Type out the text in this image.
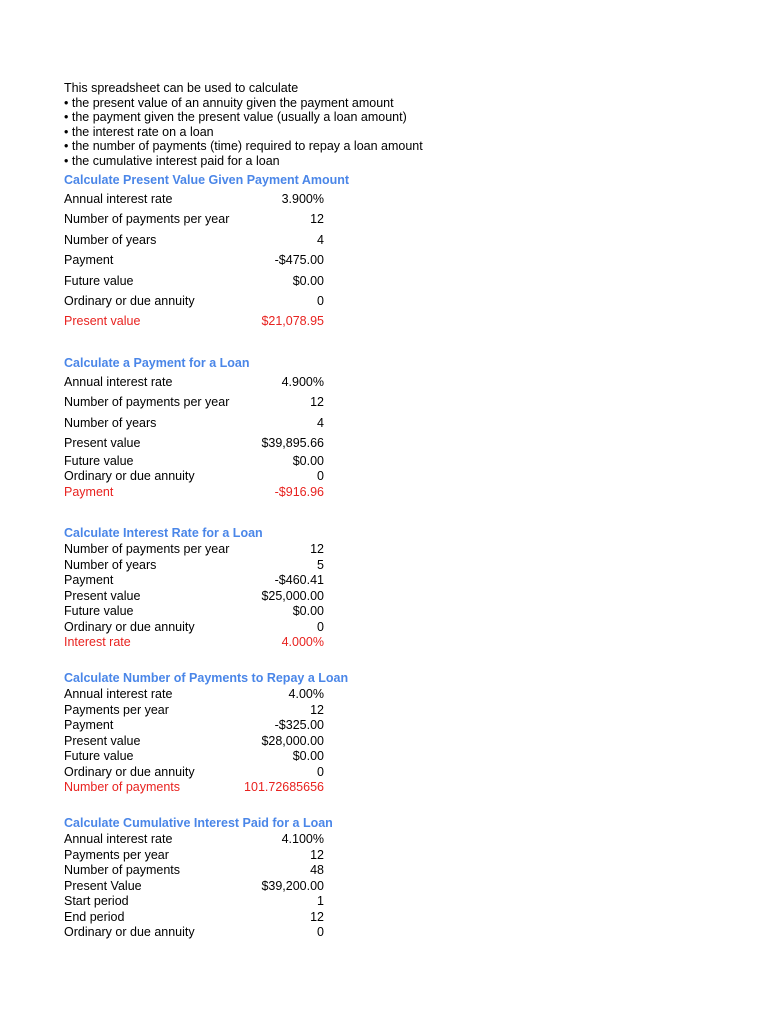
This spreadsheet can be used to calculate
• the present value of an annuity given the payment amount
• the payment given the present value (usually a loan amount)
• the interest rate on a loan
• the number of payments (time) required to repay a loan amount
• the cumulative interest paid for a loan
Calculate Present Value Given Payment Amount
Annual interest rate	3.900%
Number of payments per year	12
Number of years	4
Payment	-$475.00
Future value	$0.00
Ordinary or due annuity	0
Present value	$21,078.95
Calculate a Payment for a Loan
Annual interest rate	4.900%
Number of payments per year	12
Number of years	4
Present value	$39,895.66
Future value	$0.00
Ordinary or due annuity	0
Payment	-$916.96
Calculate Interest Rate for a Loan
Number of payments per year	12
Number of years	5
Payment	-$460.41
Present value	$25,000.00
Future value	$0.00
Ordinary or due annuity	0
Interest rate	4.000%
Calculate Number of Payments to Repay a Loan
Annual interest rate	4.00%
Payments per year	12
Payment	-$325.00
Present value	$28,000.00
Future value	$0.00
Ordinary or due annuity	0
Number of payments	101.72685656
Calculate Cumulative Interest Paid for a Loan
Annual interest rate	4.100%
Payments per year	12
Number of payments	48
Present Value	$39,200.00
Start period	1
End period	12
Ordinary or due annuity	0
